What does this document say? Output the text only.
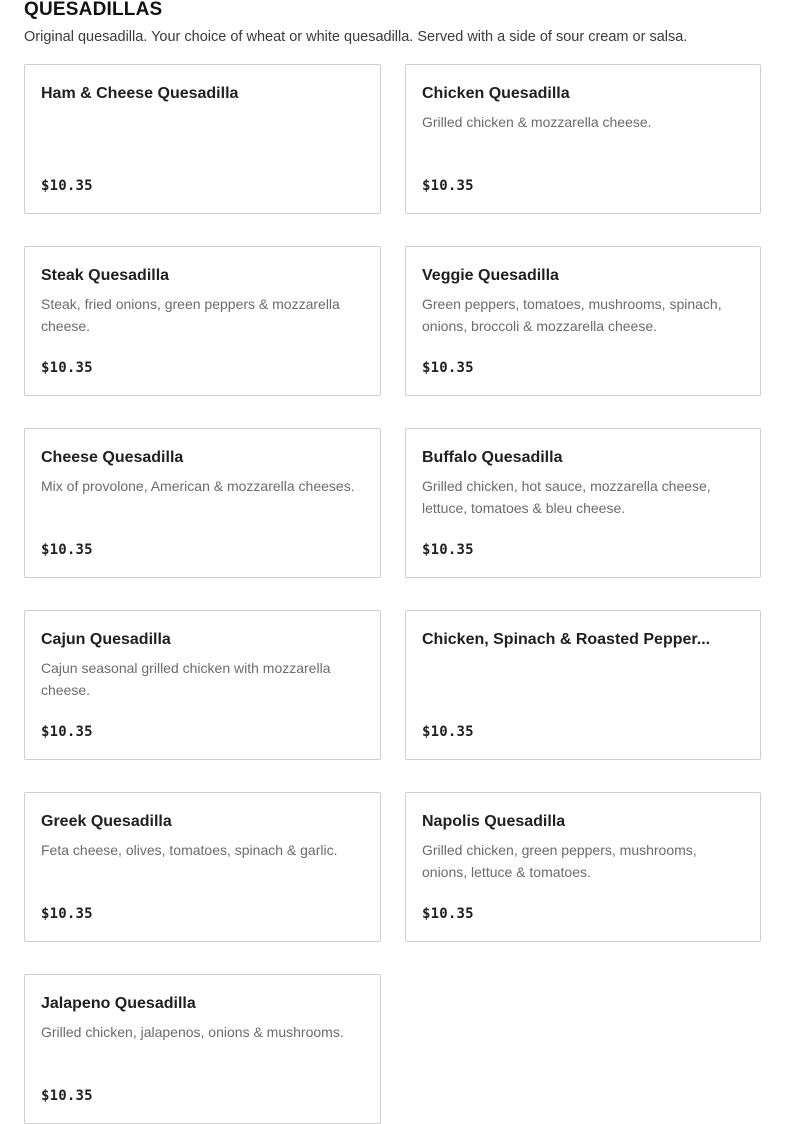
QUESADILLAS

Original quesadilla. Your choice of wheat or white quesadilla. Served with a side of sour cream or salsa.

Ham & Cheese Quesadilla

$10.35
Chicken Quesadilla

Grilled chicken & mozzarella cheese.

$10.35
Steak Quesadilla

Steak, fried onions, green peppers & mozzarella cheese.

$10.35
Veggie Quesadilla

Green peppers, tomatoes, mushrooms, spinach, onions, broccoli & mozzarella cheese.

$10.35
Cheese Quesadilla

Mix of provolone, American & mozzarella cheeses.

$10.35
Buffalo Quesadilla

Grilled chicken, hot sauce, mozzarella cheese, lettuce, tomatoes & bleu cheese.

$10.35
Cajun Quesadilla

Cajun seasonal grilled chicken with mozzarella cheese.

$10.35
Chicken, Spinach & Roasted Pepper...

$10.35
Greek Quesadilla

Feta cheese, olives, tomatoes, spinach & garlic.

$10.35
Napolis Quesadilla

Grilled chicken, green peppers, mushrooms, onions, lettuce & tomatoes.

$10.35
Jalapeno Quesadilla

Grilled chicken, jalapenos, onions & mushrooms.

$10.35
